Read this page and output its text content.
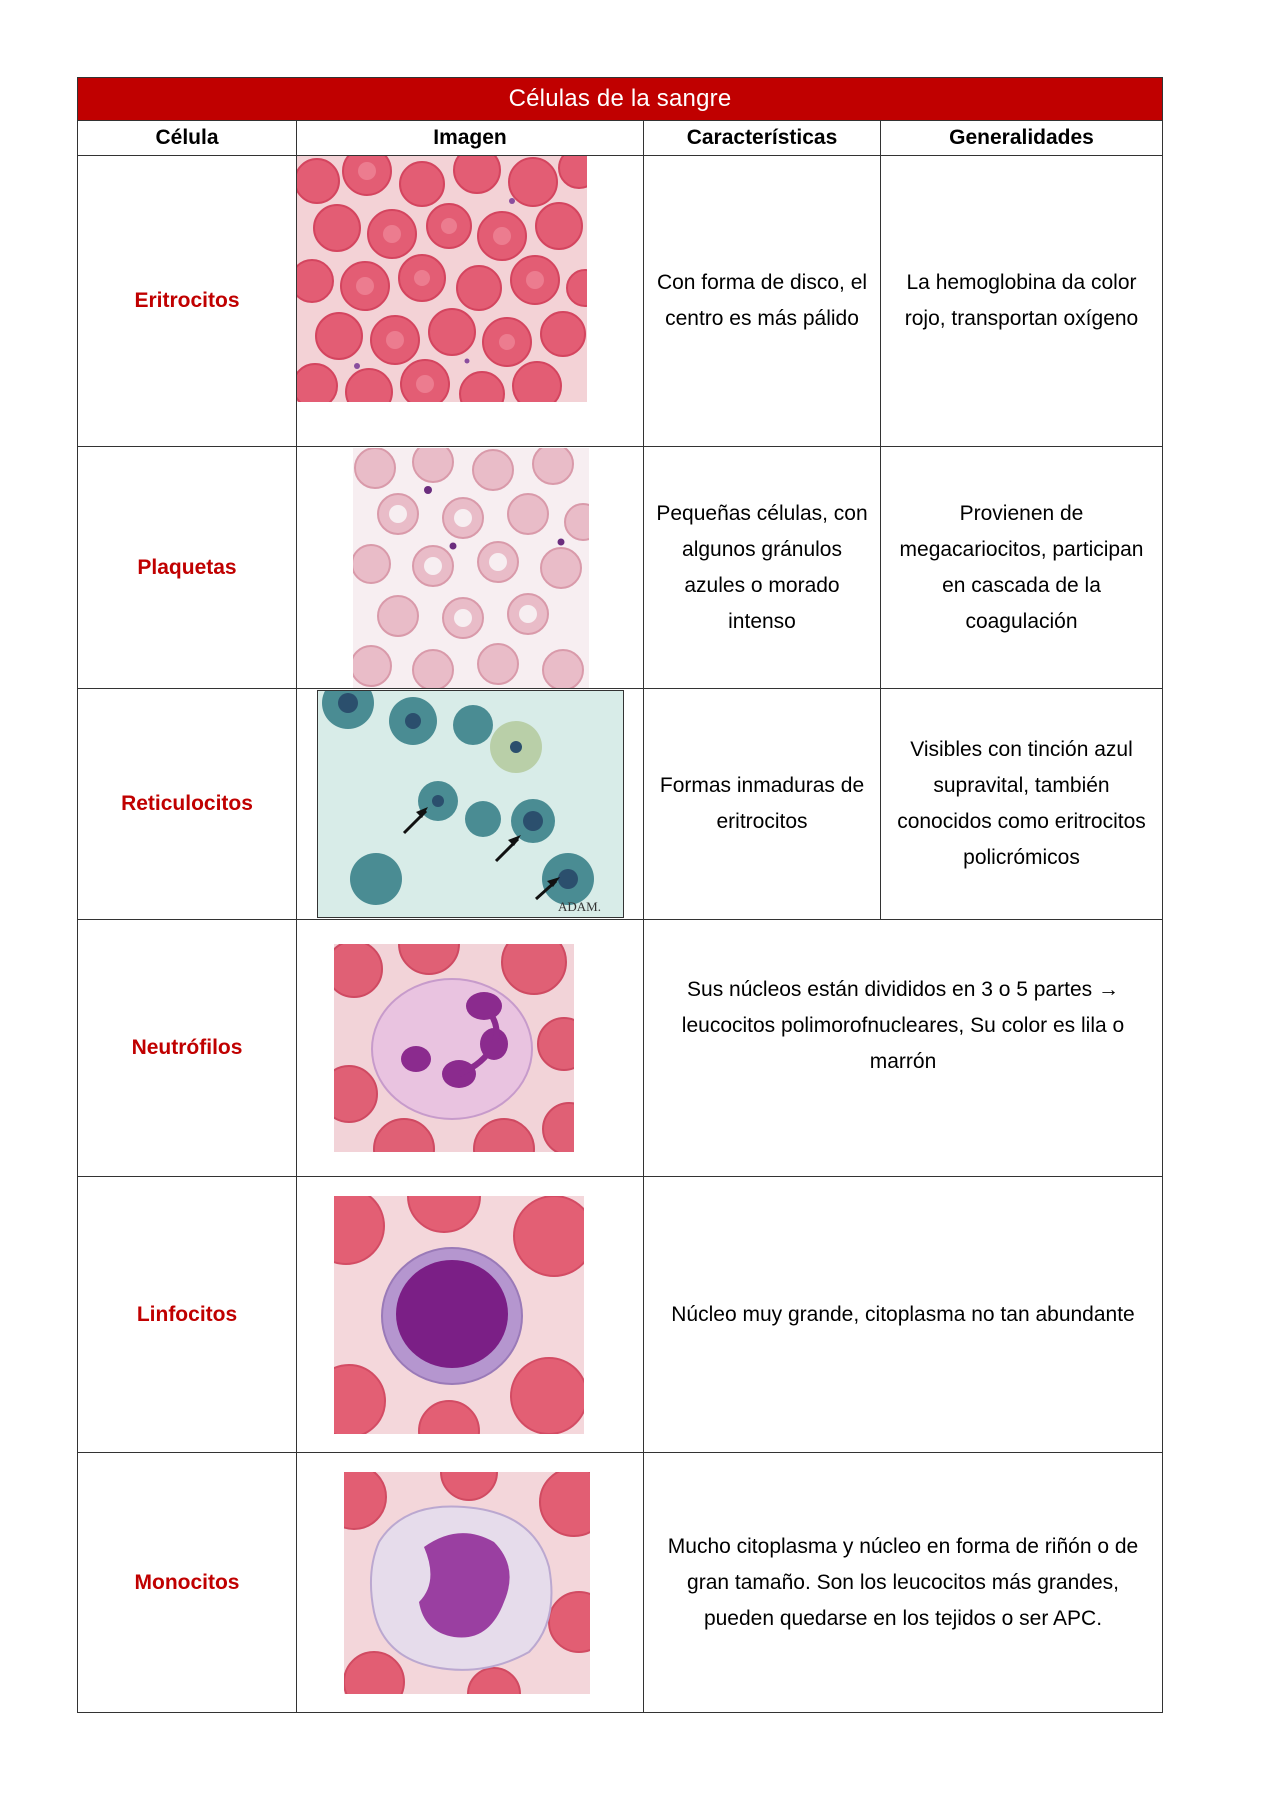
Células de la sangre			
Célula	Imagen	Características	Generalidades
Eritrocitos		Con forma de disco, el centro es más pálido	La hemoglobina da color rojo, transportan oxígeno
Plaquetas		Pequeñas células, con algunos gránulos azules o morado intenso	Provienen de megacariocitos, participan en cascada de la coagulación
Reticulocitos	ADAM.	Formas inmaduras de eritrocitos	Visibles con tinción azul supravital, también conocidos como eritrocitos policrómicos
Neutrófilos		Sus núcleos están divididos en 3 o 5 partes → leucocitos polimorofnucleares, Su color es lila o marrón	
Linfocitos		Núcleo muy grande, citoplasma no tan abundante	
Monocitos		Mucho citoplasma y núcleo en forma de riñón o de gran tamaño. Son los leucocitos más grandes, pueden quedarse en los tejidos o ser APC.	
